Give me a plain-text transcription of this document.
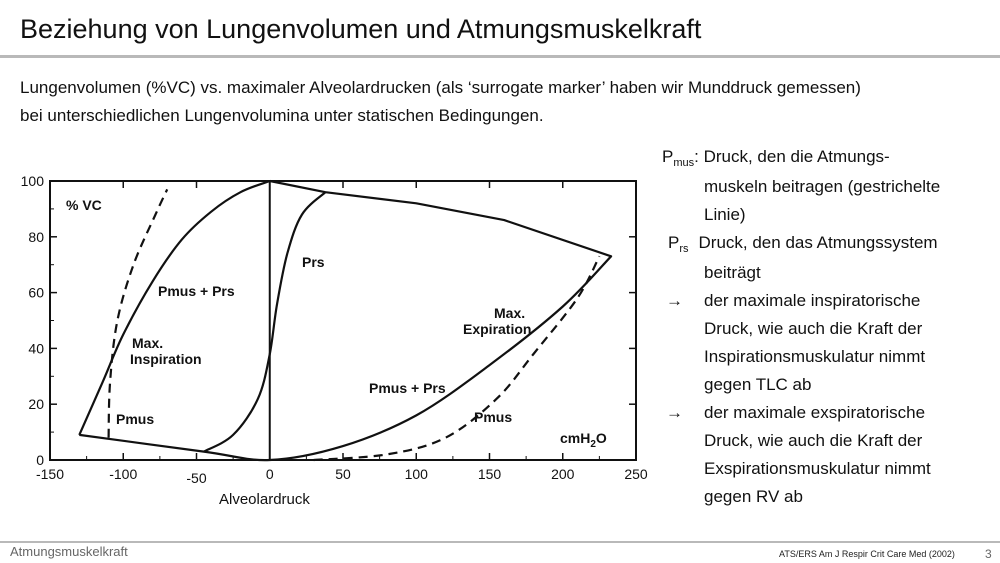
Beziehung von Lungenvolumen und Atmungsmuskelkraft
Lungenvolumen (%VC) vs. maximaler Alveolardrucken (als ‘surrogate marker’ haben wir Munddruck gemessen)
bei unterschiedlichen Lungenvolumina unter statischen Bedingungen.
-150	-100	-50	0	50	100	150	200	250
0
20
40
60
80
100
% VC
Pmus + Prs
Max.
Inspiration
Pmus
Prs
Max.
Expiration
Pmus + Prs
Pmus
cmH$_2$O
Alveolardruck
$P_{mus}$: Druck, den die Atmungs-
muskeln beitragen (gestrichelte
Linie)
$P_{rs}$ Druck, den das Atmungssystem
beiträgt
→ der maximale inspiratorische
Druck, wie auch die Kraft der
Inspirationsmuskulatur nimmt
gegen TLC ab
→ der maximale exspiratorische
Druck, wie auch die Kraft der
Exspirationsmuskulatur nimmt
gegen RV ab
Atmungsmuskelkraft	ATS/ERS Am J Respir Crit Care Med (2002)	3
